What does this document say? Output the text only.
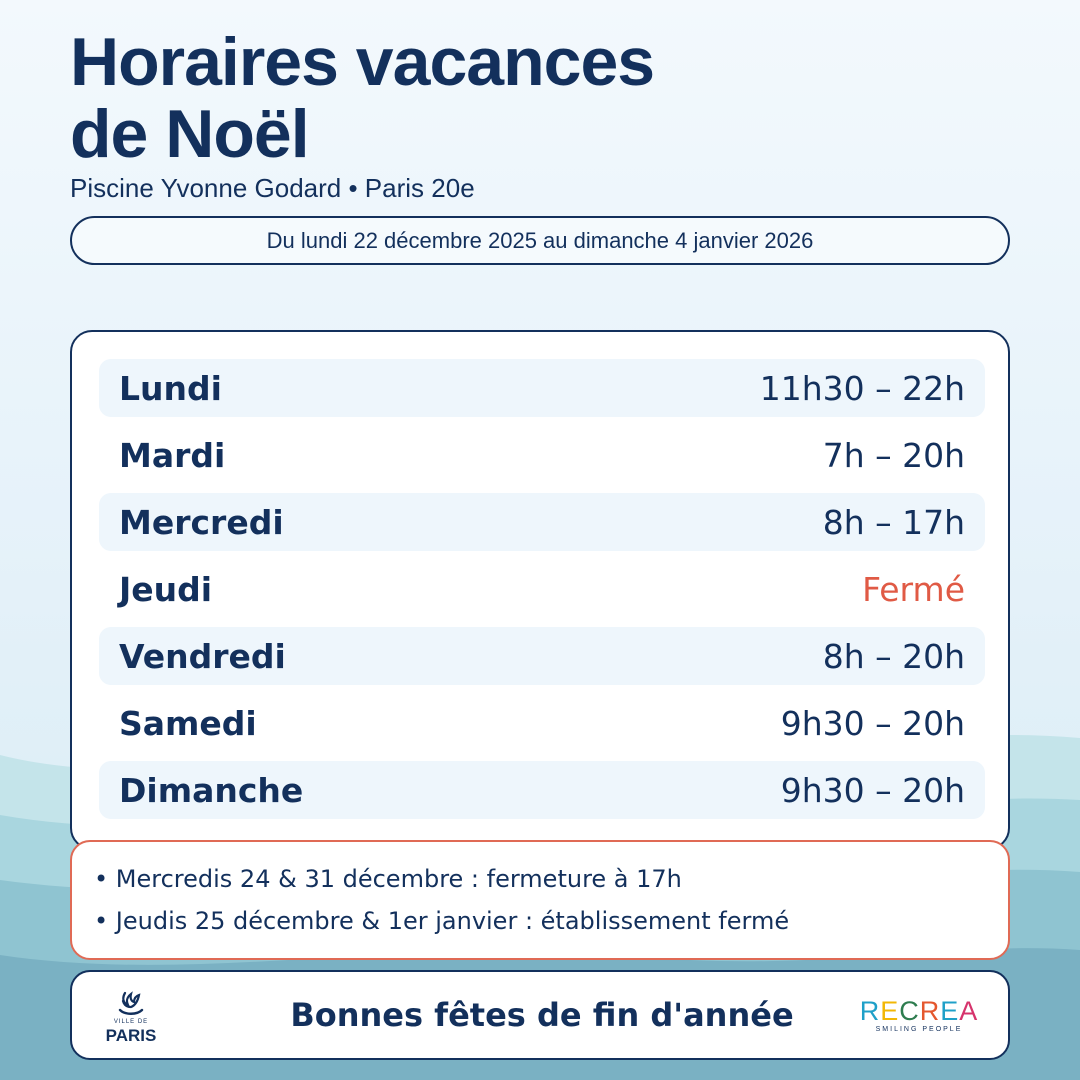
Horaires vacances
de Noël
Piscine Yvonne Godard • Paris 20e
Du lundi 22 décembre 2025 au dimanche 4 janvier 2026
Lundi	11h30 – 22h
Mardi	7h – 20h
Mercredi	8h – 17h
Jeudi	Fermé
Vendredi	8h – 20h
Samedi	9h30 – 20h
Dimanche	9h30 – 20h
• Mercredis 24 & 31 décembre : fermeture à 17h
• Jeudis 25 décembre & 1er janvier : établissement fermé
VILLE DE
PARIS
Bonnes fêtes de fin d'année	R E C R E A
SMILING PEOPLE
